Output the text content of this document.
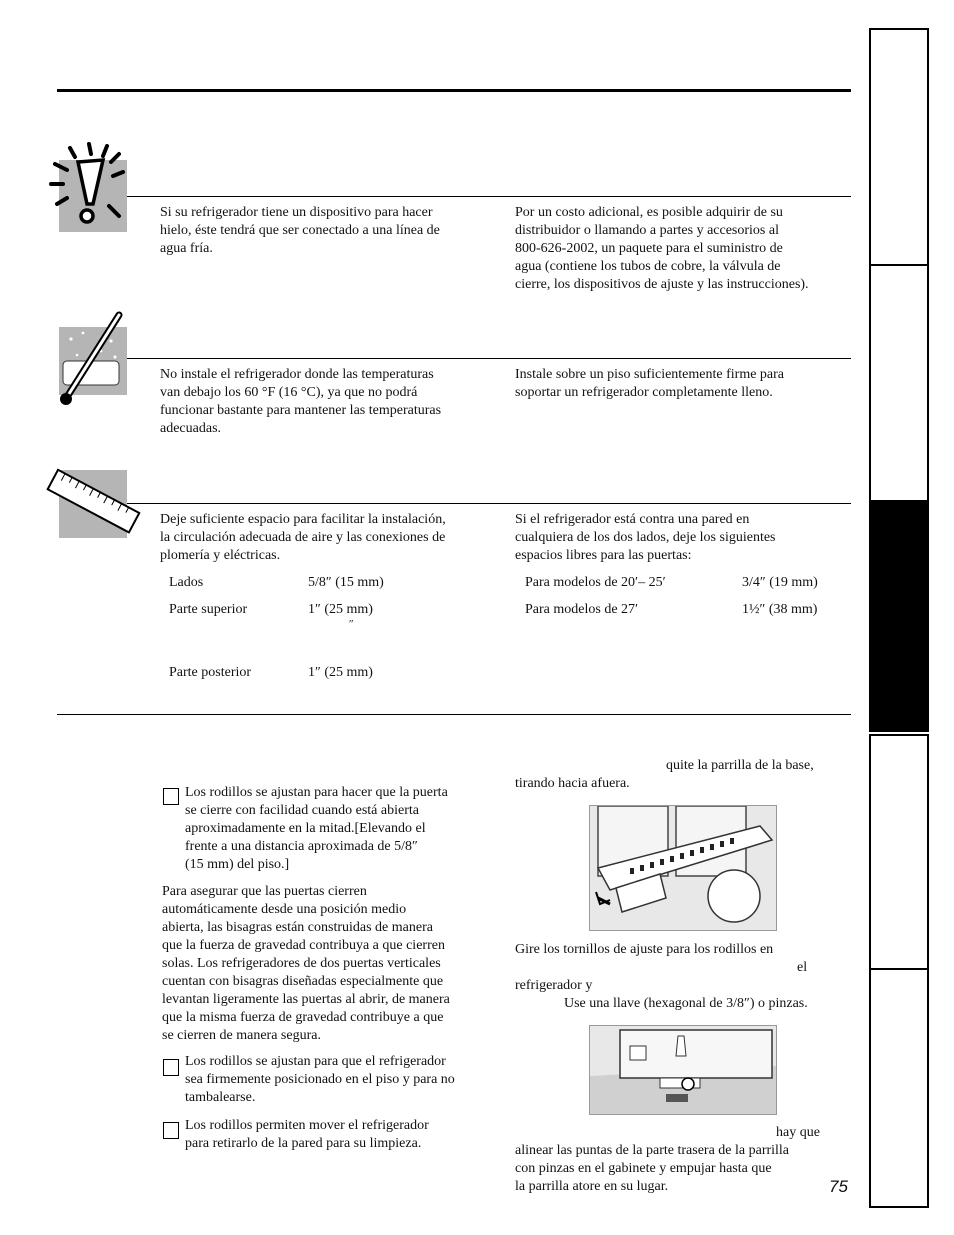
Si su refrigerador tiene un dispositivo para hacer
hielo, éste tendrá que ser conectado a una línea de
agua fría.
Por un costo adicional, es posible adquirir de su
distribuidor o llamando a partes y accesorios al
800-626-2002, un paquete para el suministro de
agua (contiene los tubos de cobre, la válvula de
cierre, los dispositivos de ajuste y las instrucciones).
No instale el refrigerador donde las temperaturas
van debajo los 60 °F (16 °C), ya que no podrá
funcionar bastante para mantener las temperaturas
adecuadas.
Instale sobre un piso suficientemente firme para
soportar un refrigerador completamente lleno.
Deje suficiente espacio para facilitar la instalación,
la circulación adecuada de aire y las conexiones de
plomería y eléctricas.
Si el refrigerador está contra una pared en
cualquiera de los dos lados, deje los siguientes
espacios libres para las puertas:
Lados	5/8″ (15 mm)
Parte superior	1″ (25 mm)
″
Parte posterior	1″ (25 mm)
Para modelos de 20′– 25′	3/4″ (19 mm)
Para modelos de 27′	1½″ (38 mm)
Los rodillos se ajustan para hacer que la puerta
se cierre con facilidad cuando está abierta
aproximadamente en la mitad.[Elevando el
frente a una distancia aproximada de 5/8″
(15 mm) del piso.]
Para asegurar que las puertas cierren
automáticamente desde una posición medio
abierta, las bisagras están construidas de manera
que la fuerza de gravedad contribuya a que cierren
solas. Los refrigeradores de dos puertas verticales
cuentan con bisagras diseñadas especialmente que
levantan ligeramente las puertas al abrir, de manera
que la misma fuerza de gravedad contribuye a que
se cierren de manera segura.
Los rodillos se ajustan para que el refrigerador
sea firmemente posicionado en el piso y para no
tambalearse.
Los rodillos permiten mover el refrigerador
para retirarlo de la pared para su limpieza.
quite la parrilla de la base,
tirando hacia afuera.
Gire los tornillos de ajuste para los rodillos en
el
refrigerador y
Use una llave (hexagonal de 3/8″) o pinzas.
hay que
alinear las puntas de la parte trasera de la parrilla
con pinzas en el gabinete y empujar hasta que
la parrilla atore en su lugar.	75
